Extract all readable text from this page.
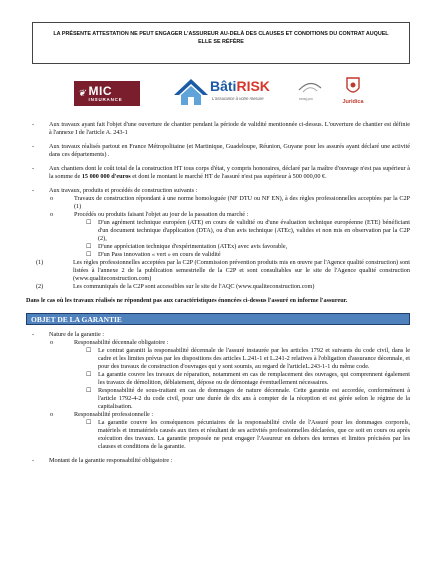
LA PRÉSENTE ATTESTATION NE PEUT ENGAGER L'ASSUREUR AU-DELÀ DES CLAUSES ET CONDITIONS DU CONTRAT AUQUEL ELLE SE RÉFÈRE
❦ MIC
INSURANCE
BâtiRISK
L'assurance à votre mesure	smaj.pro	Juridica
- Aux travaux ayant fait l'objet d'une ouverture de chantier pendant la période de validité mentionnée ci-dessus. L'ouverture de chantier est définie à l'annexe I de l'article A. 243-1
- Aux travaux réalisés partout en France Métropolitaine (et Martinique, Guadeloupe, Réunion, Guyane pour les assurés ayant déclaré une activité dans ces départements) .
- Aux chantiers dont le coût total de la construction HT tous corps d'état, y compris honoraires, déclaré par la maître d'ouvrage n'est pas supérieur à la somme de 15 000 000 d'euros et dont le montant le marché HT de l'assuré n'est pas supérieur à 500 000,00 €.
- Aux travaux, produits et procédés de construction suivants :
o	Travaux de construction répondant à une norme homologuée (NF DTU ou NF EN), à des règles professionnelles acceptées par la C2P (1)
o	Procédés ou produits faisant l'objet au jour de la passation du marché :
☐ D'un agrément technique européen (ATE) en cours de validité ou d'une évaluation technique européenne (ETE) bénéficiant d'un document technique d'application (DTA), ou d'un avis technique (ATEc), valides et non mis en observation par la C2P (2),
☐ D'une appréciation technique d'expérimentation (ATEx) avec avis favorable,
☐ D'un Pass innovation « vert » en cours de validité
(1)	Les règles professionnelles acceptées par la C2P (Commission prévention produits mis en œuvre par l'Agence qualité construction) sont listées à l'annexe 2 de la publication semestrielle de la C2P et sont consultables sur le site de l'Agence qualité construction (www.qualiteconstruction.com)
(2)	Les communiqués de la C2P sont accessibles sur le site de l'AQC (www.qualiteconstruction.com)
Dans le cas où les travaux réalisés ne répondent pas aux caractéristiques énoncées ci-dessus l'assuré en informe l'assureur.
OBJET DE LA GARANTIE
- Nature de la garantie :
o	Responsabilité décennale obligatoire :
☐ Le contrat garantit la responsabilité décennale de l'assuré instaurée par les articles 1792 et suivants du code civil, dans le cadre et les limites prévus par les dispositions des articles L.241-1 et L.241-2 relatives à l'obligation d'assurance décennale, et pour des travaux de construction d'ouvrages qui y sont soumis, au regard de l'articleL.243-1-1 du même code.
☐ La garantie couvre les travaux de réparation, notamment en cas de remplacement des ouvrages, qui comprennent également les travaux de démolition, déblaiement, dépose ou de démontage éventuellement nécessaires.
☐ Responsabilité de sous-traitant en cas de dommages de nature décennale. Cette garantie est accordée, conformément à l'article 1792-4-2 du code civil, pour une durée de dix ans à compter de la réception et est gérée selon le régime de la capitalisation.
o	Responsabilité professionnelle :
☐ La garantie couvre les conséquences pécuniaires de la responsabilité civile de l'Assuré pour les dommages corporels, matériels et immatériels causés aux tiers et résultant de ses activités professionnelles déclarées, que ce soit en cours ou après exécution des travaux. La garantie proposée ne peut engager l'Assureur en dehors des termes et limites précisées par les clauses et conditions de la garantie.
- Montant de la garantie responsabilité obligatoire :
